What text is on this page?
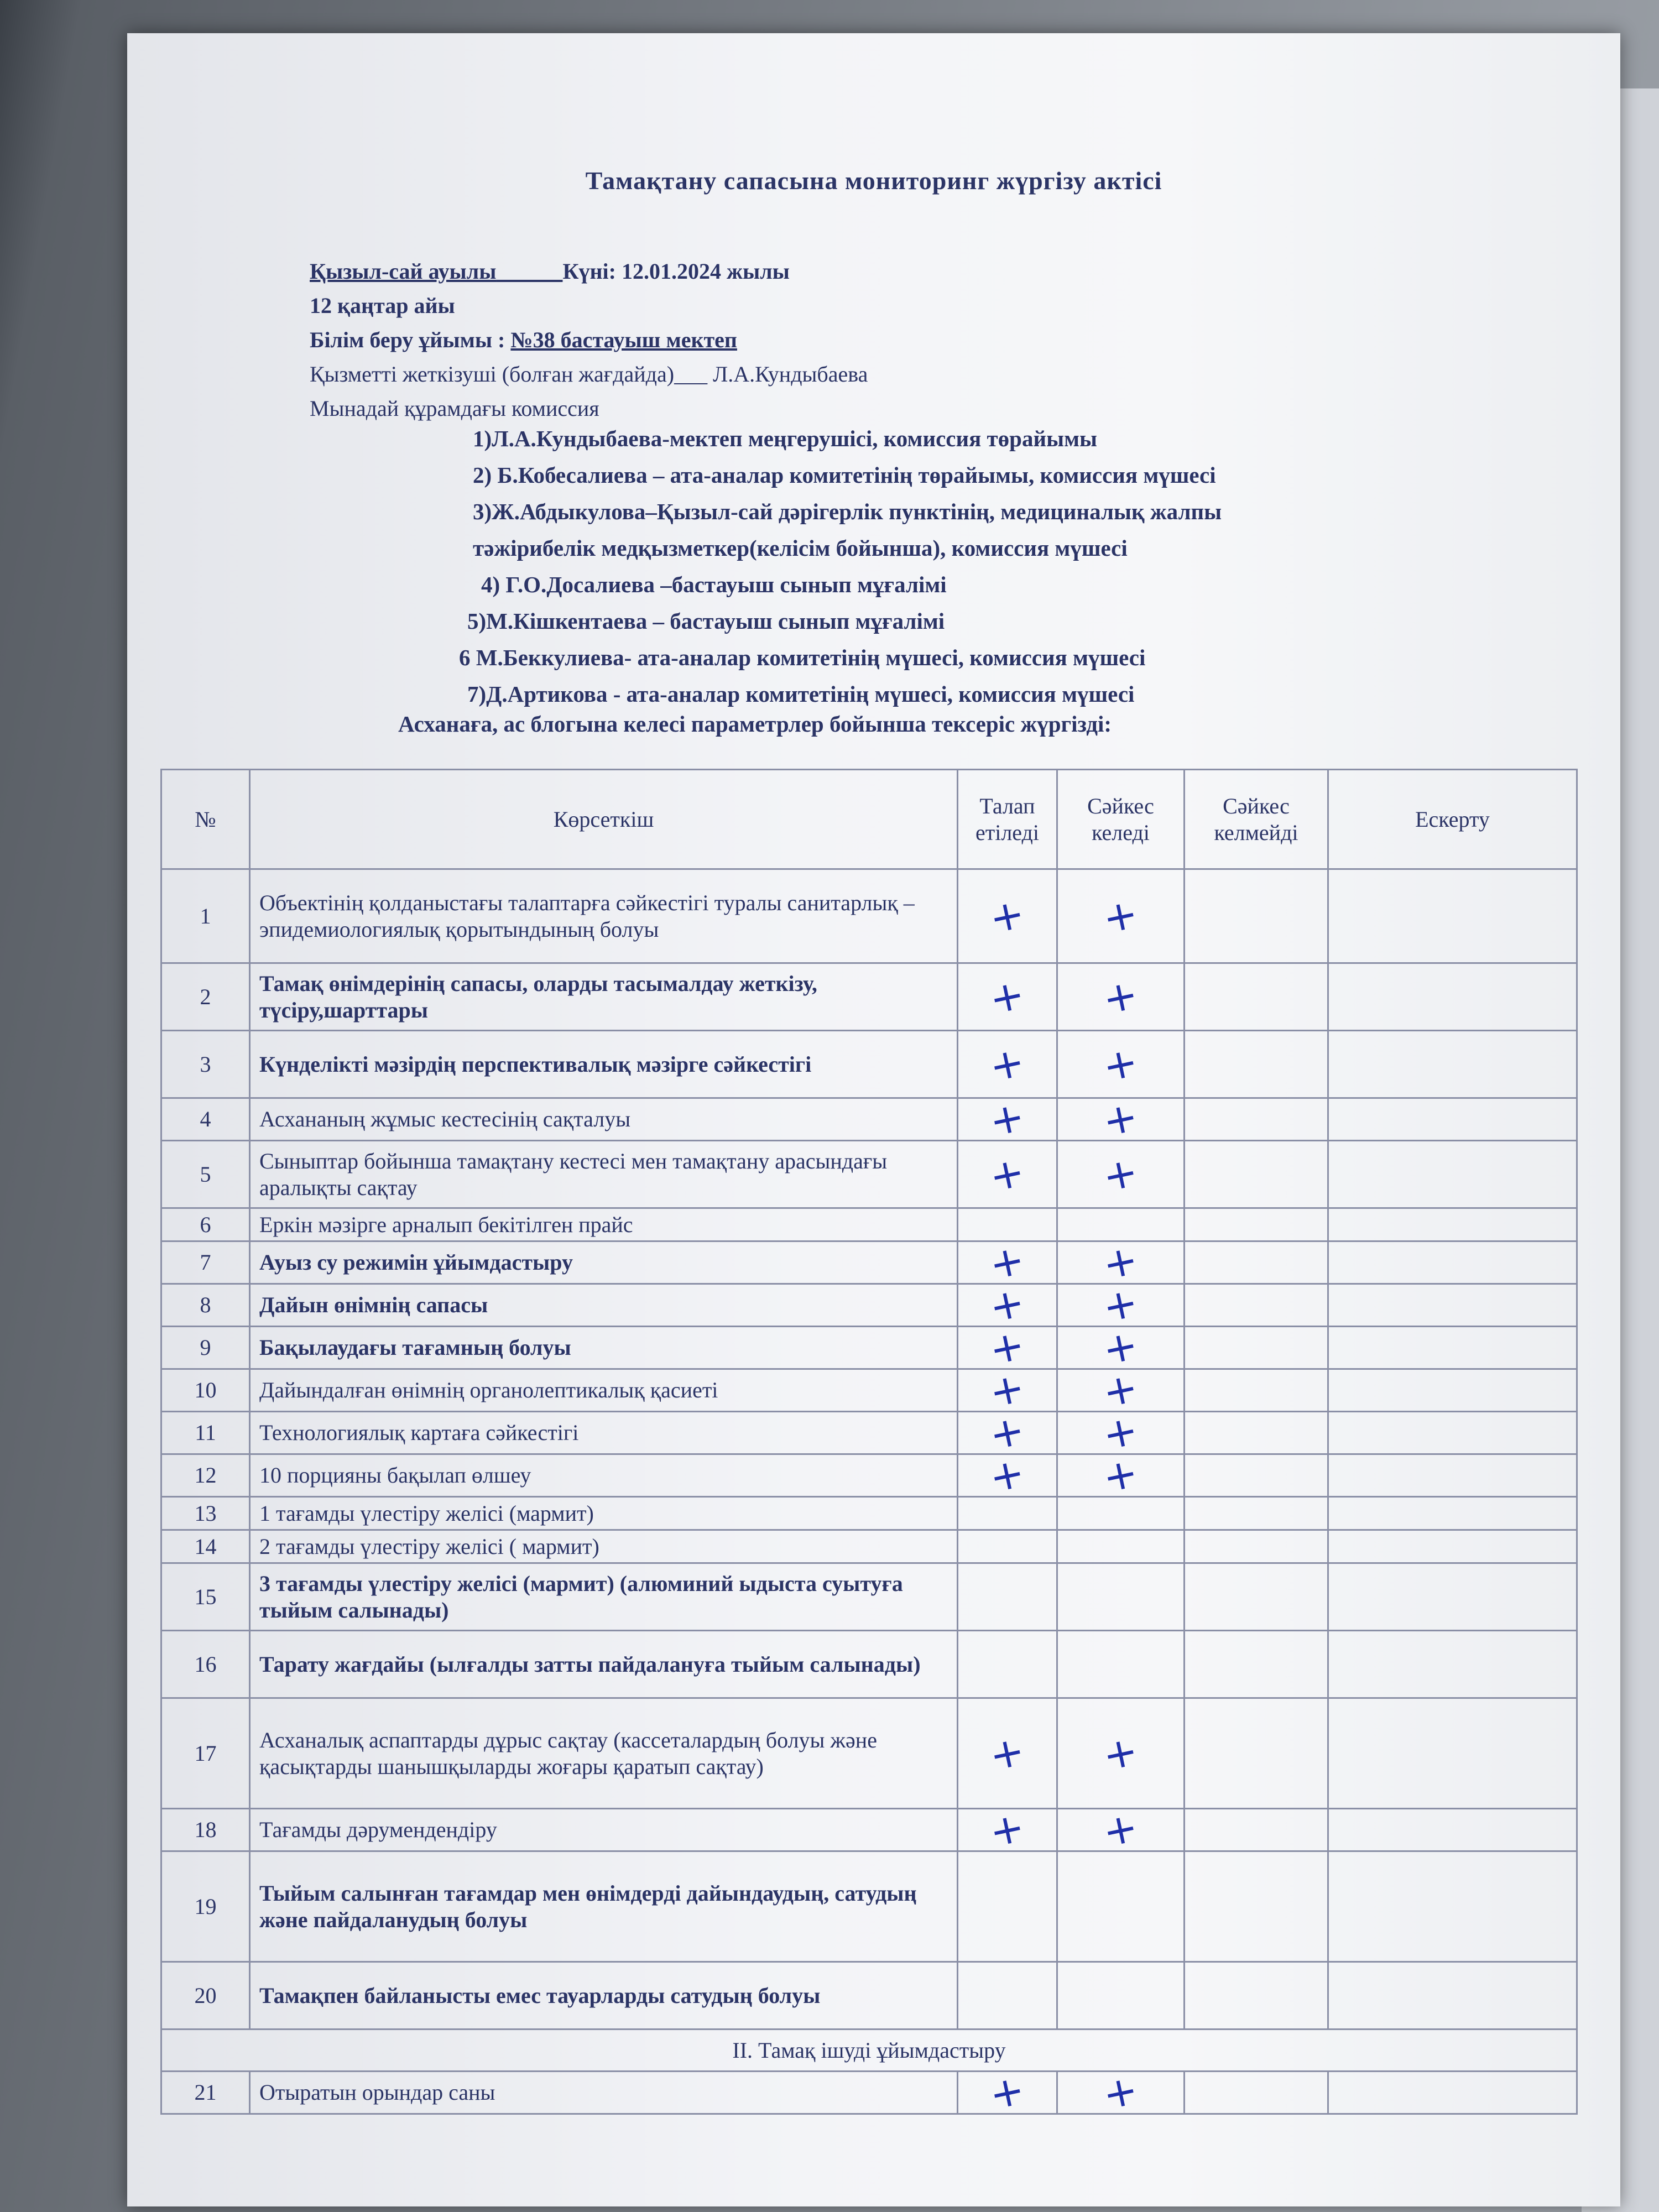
Тамақтану сапасына мониторинг жүргізу актісі
Қызыл-сай ауылы	Күні: 12.01.2024 жылы
12 қаңтар айы
Білім беру ұйымы : №38 бастауыш мектеп
Қызметті жеткізуші (болған жағдайда)___ Л.А.Кундыбаева
Мынадай құрамдағы комиссия
1)Л.А.Кундыбаева-мектеп меңгерушісі, комиссия төрайымы
2) Б.Кобесалиева – ата-аналар комитетінің төрайымы, комиссия мүшесі
3)Ж.Абдыкулова–Қызыл-сай дәрігерлік пунктінің, медициналық жалпы
тәжірибелік медқызметкер(келісім бойынша), комиссия мүшесі
4) Г.О.Досалиева –бастауыш сынып мұғалімі
5)М.Кішкентаева – бастауыш сынып мұғалімі
6 М.Беккулиева- ата-аналар комитетінің мүшесі, комиссия мүшесі
7)Д.Артикова - ата-аналар комитетінің мүшесі, комиссия мүшесі
Асханаға, ас блогына келесі параметрлер бойынша тексеріс жүргізді:
№	Көрсеткіш	Талап етіледі	Сәйкес келеді	Сәйкес келмейді	Ескерту
1	Объектінің қолданыстағы талаптарға сәйкестігі туралы санитарлық – эпидемиологиялық қорытындының болуы	+	+		
2	Тамақ өнімдерінің сапасы, оларды тасымалдау жеткізу, түсіру,шарттары	+	+		
3	Күнделікті мәзірдің перспективалық мәзірге сәйкестігі	+	+		
4	Асхананың жұмыс кестесінің сақталуы	+	+		
5	Сыныптар бойынша тамақтану кестесі мен тамақтану арасындағы аралықты сақтау	+	+		
6	Еркін мәзірге арналып бекітілген прайс				
7	Ауыз су режимін ұйымдастыру	+	+		
8	Дайын өнімнің сапасы	+	+		
9	Бақылаудағы тағамның болуы	+	+		
10	Дайындалған өнімнің органолептикалық қасиеті	+	+		
11	Технологиялық картаға сәйкестігі	+	+		
12	10 порцияны бақылап өлшеу	+	+		
13	1 тағамды үлестіру желісі (мармит)				
14	2 тағамды үлестіру желісі ( мармит)				
15	3 тағамды үлестіру желісі (мармит) (алюминий ыдыста суытуға тыйым салынады)				
16	Тарату жағдайы (ылғалды затты пайдалануға тыйым салынады)				
17	Асханалық аспаптарды дұрыс сақтау (кассеталардың болуы және қасықтарды шанышқыларды жоғары қаратып сақтау)	+	+		
18	Тағамды дәрумендендіру	+	+		
19	Тыйым салынған тағамдар мен өнімдерді дайындаудың, сатудың және пайдаланудың болуы				
20	Тамақпен байланысты емес тауарларды сатудың болуы				
II. Тамақ ішуді ұйымдастыру					
21	Отыратын орындар саны	+	+		
